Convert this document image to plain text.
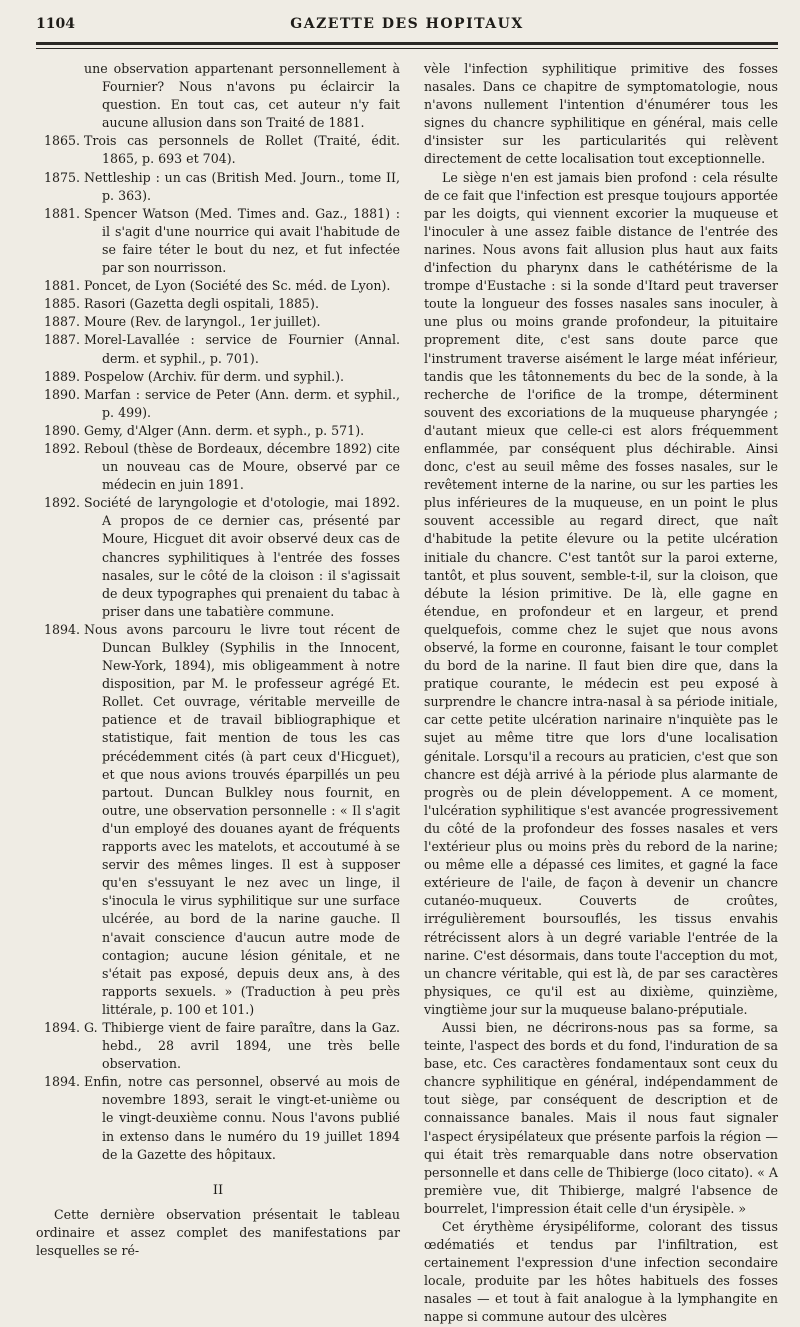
1104	GAZETTE DES HOPITAUX
une observation appartenant personnellement à Fournier? Nous n'avons pu éclaircir la question. En tout cas, cet auteur n'y fait aucune allusion dans son Traité de 1881.
1865. Trois cas personnels de Rollet (Traité, édit. 1865, p. 693 et 704).
1875. Nettleship : un cas (British Med. Journ., tome II, p. 363).
1881. Spencer Watson (Med. Times and. Gaz., 1881) : il s'agit d'une nourrice qui avait l'habitude de se faire téter le bout du nez, et fut infectée par son nourrisson.
1881. Poncet, de Lyon (Société des Sc. méd. de Lyon).
1885. Rasori (Gazetta degli ospitali, 1885).
1887. Moure (Rev. de laryngol., 1er juillet).
1887. Morel-Lavallée : service de Fournier (Annal. derm. et syphil., p. 701).
1889. Pospelow (Archiv. für derm. und syphil.).
1890. Marfan : service de Peter (Ann. derm. et syphil., p. 499).
1890. Gemy, d'Alger (Ann. derm. et syph., p. 571).
1892. Reboul (thèse de Bordeaux, décembre 1892) cite un nouveau cas de Moure, observé par ce médecin en juin 1891.
1892. Société de laryngologie et d'otologie, mai 1892. A propos de ce dernier cas, présenté par Moure, Hicguet dit avoir observé deux cas de chancres syphilitiques à l'entrée des fosses nasales, sur le côté de la cloison : il s'agissait de deux typographes qui prenaient du tabac à priser dans une tabatière commune.
1894. Nous avons parcouru le livre tout récent de Duncan Bulkley (Syphilis in the Innocent, New-York, 1894), mis obligeamment à notre disposition, par M. le professeur agrégé Et. Rollet. Cet ouvrage, véritable merveille de patience et de travail bibliographique et statistique, fait mention de tous les cas précédemment cités (à part ceux d'Hicguet), et que nous avions trouvés éparpillés un peu partout. Duncan Bulkley nous fournit, en outre, une observation personnelle : « Il s'agit d'un employé des douanes ayant de fréquents rapports avec les matelots, et accoutumé à se servir des mêmes linges. Il est à supposer qu'en s'essuyant le nez avec un linge, il s'inocula le virus syphilitique sur une surface ulcérée, au bord de la narine gauche. Il n'avait conscience d'aucun autre mode de contagion; aucune lésion génitale, et ne s'était pas exposé, depuis deux ans, à des rapports sexuels. » (Traduction à peu près littérale, p. 100 et 101.)
1894. G. Thibierge vient de faire paraître, dans la Gaz. hebd., 28 avril 1894, une très belle observation.
1894. Enfin, notre cas personnel, observé au mois de novembre 1893, serait le vingt-et-unième ou le vingt-deuxième connu. Nous l'avons publié in extenso dans le numéro du 19 juillet 1894 de la Gazette des hôpitaux.
II

Cette dernière observation présentait le tableau ordinaire et assez complet des manifestations par lesquelles se ré-

vèle l'infection syphilitique primitive des fosses nasales. Dans ce chapitre de symptomatologie, nous n'avons nullement l'intention d'énumérer tous les signes du chancre syphilitique en général, mais celle d'insister sur les particularités qui relèvent directement de cette localisation tout exceptionnelle.

Le siège n'en est jamais bien profond : cela résulte de ce fait que l'infection est presque toujours apportée par les doigts, qui viennent excorier la muqueuse et l'inoculer à une assez faible distance de l'entrée des narines. Nous avons fait allusion plus haut aux faits d'infection du pharynx dans le cathétérisme de la trompe d'Eustache : si la sonde d'Itard peut traverser toute la longueur des fosses nasales sans inoculer, à une plus ou moins grande profondeur, la pituitaire proprement dite, c'est sans doute parce que l'instrument traverse aisément le large méat inférieur, tandis que les tâtonnements du bec de la sonde, à la recherche de l'orifice de la trompe, déterminent souvent des excoriations de la muqueuse pharyngée ; d'autant mieux que celle-ci est alors fréquemment enflammée, par conséquent plus déchirable. Ainsi donc, c'est au seuil même des fosses nasales, sur le revêtement interne de la narine, ou sur les parties les plus inférieures de la muqueuse, en un point le plus souvent accessible au regard direct, que naît d'habitude la petite élevure ou la petite ulcération initiale du chancre. C'est tantôt sur la paroi externe, tantôt, et plus souvent, semble-t-il, sur la cloison, que débute la lésion primitive. De là, elle gagne en étendue, en profondeur et en largeur, et prend quelquefois, comme chez le sujet que nous avons observé, la forme en couronne, faisant le tour complet du bord de la narine. Il faut bien dire que, dans la pratique courante, le médecin est peu exposé à surprendre le chancre intra-nasal à sa période initiale, car cette petite ulcération narinaire n'inquiète pas le sujet au même titre que lors d'une localisation génitale. Lorsqu'il a recours au praticien, c'est que son chancre est déjà arrivé à la période plus alarmante de progrès ou de plein développement. A ce moment, l'ulcération syphilitique s'est avancée progressivement du côté de la profondeur des fosses nasales et vers l'extérieur plus ou moins près du rebord de la narine; ou même elle a dépassé ces limites, et gagné la face extérieure de l'aile, de façon à devenir un chancre cutanéo-muqueux. Couverts de croûtes, irrégulièrement boursouflés, les tissus envahis rétrécissent alors à un degré variable l'entrée de la narine. C'est désormais, dans toute l'acception du mot, un chancre véritable, qui est là, de par ses caractères physiques, ce qu'il est au dixième, quinzième, vingtième jour sur la muqueuse balano-préputiale.

Aussi bien, ne décrirons-nous pas sa forme, sa teinte, l'aspect des bords et du fond, l'induration de sa base, etc. Ces caractères fondamentaux sont ceux du chancre syphilitique en général, indépendamment de tout siège, par conséquent de description et de connaissance banales. Mais il nous faut signaler l'aspect érysipélateux que présente parfois la région — qui était très remarquable dans notre observation personnelle et dans celle de Thibierge (loco citato). « A première vue, dit Thibierge, malgré l'absence de bourrelet, l'impression était celle d'un érysipèle. »

Cet érythème érysipéliforme, colorant des tissus œdématiés et tendus par l'infiltration, est certainement l'expression d'une infection secondaire locale, produite par les hôtes habituels des fosses nasales — et tout à fait analogue à la lymphangite en nappe si commune autour des ulcères
